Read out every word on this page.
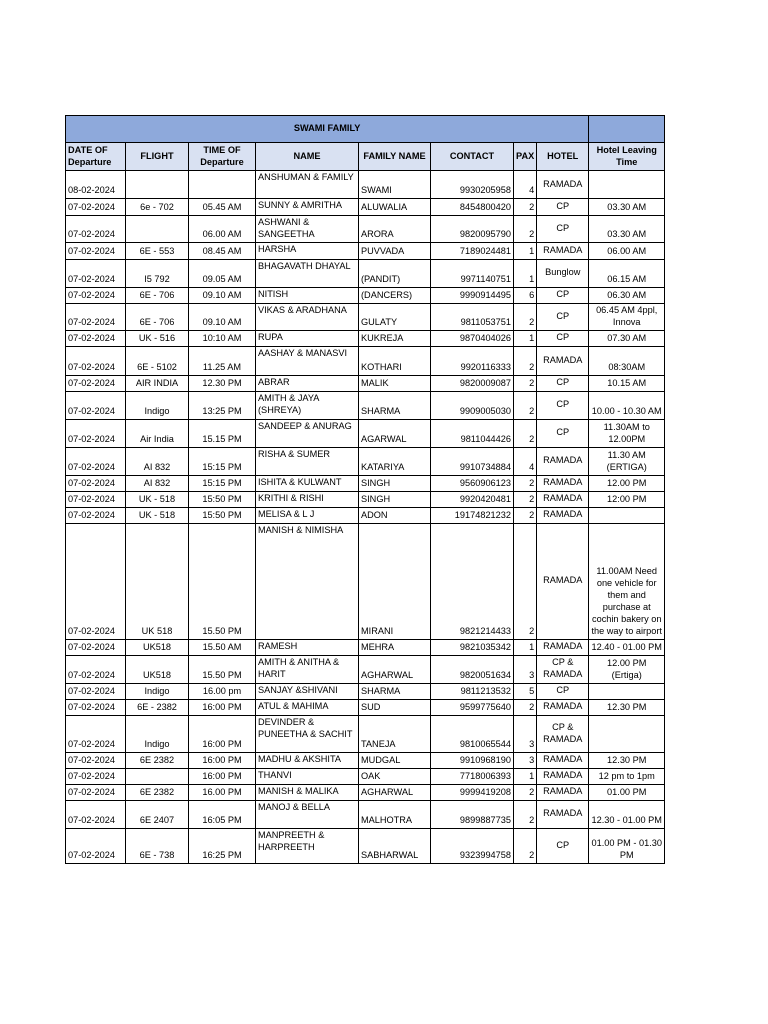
SWAMI FAMILY								
DATE OF Departure	FLIGHT	TIME OF Departure	NAME	FAMILY NAME	CONTACT	PAX	HOTEL	Hotel Leaving Time
08-02-2024			ANSHUMAN & FAMILY	SWAMI	9930205958	4	RAMADA	
07-02-2024	6e - 702	05.45 AM	SUNNY & AMRITHA	ALUWALIA	8454800420	2	CP	03.30 AM
07-02-2024		06.00 AM	ASHWANI & SANGEETHA	ARORA	9820095790	2	CP	03.30 AM
07-02-2024	6E - 553	08.45 AM	HARSHA	PUVVADA	7189024481	1	RAMADA	06.00 AM
07-02-2024	I5 792	09.05 AM	BHAGAVATH DHAYAL	(PANDIT)	9971140751	1	Bunglow	06.15 AM
07-02-2024	6E - 706	09.10 AM	NITISH	(DANCERS)	9990914495	6	CP	06.30 AM
07-02-2024	6E - 706	09.10 AM	VIKAS & ARADHANA	GULATY	9811053751	2	CP	06.45 AM 4ppl, Innova
07-02-2024	UK - 516	10:10 AM	RUPA	KUKREJA	9870404026	1	CP	07.30 AM
07-02-2024	6E - 5102	11.25 AM	AASHAY & MANASVI	KOTHARI	9920116333	2	RAMADA	08:30AM
07-02-2024	AIR INDIA	12.30 PM	ABRAR	MALIK	9820009087	2	CP	10.15 AM
07-02-2024	Indigo	13:25 PM	AMITH & JAYA (SHREYA)	SHARMA	9909005030	2	CP	10.00 - 10.30 AM
07-02-2024	Air India	15.15 PM	SANDEEP & ANURAG	AGARWAL	9811044426	2	CP	11.30AM to 12.00PM
07-02-2024	AI 832	15:15 PM	RISHA & SUMER	KATARIYA	9910734884	4	RAMADA	11.30 AM (ERTIGA)
07-02-2024	AI 832	15:15 PM	ISHITA & KULWANT	SINGH	9560906123	2	RAMADA	12.00 PM
07-02-2024	UK - 518	15:50 PM	KRITHI & RISHI	SINGH	9920420481	2	RAMADA	12:00 PM
07-02-2024	UK - 518	15:50 PM	MELISA & L J	ADON	19174821232	2	RAMADA	
07-02-2024	UK 518	15.50 PM	MANISH & NIMISHA	MIRANI	9821214433	2	RAMADA	11.00AM Need one vehicle for them and purchase at cochin bakery on the way to airport
07-02-2024	UK518	15.50 AM	RAMESH	MEHRA	9821035342	1	RAMADA	12.40 - 01.00 PM
07-02-2024	UK518	15.50 PM	AMITH & ANITHA & HARIT	AGHARWAL	9820051634	3	CP & RAMADA	12.00 PM (Ertiga)
07-02-2024	Indigo	16.00 pm	SANJAY &SHIVANI	SHARMA	9811213532	5	CP	
07-02-2024	6E - 2382	16:00 PM	ATUL & MAHIMA	SUD	9599775640	2	RAMADA	12.30 PM
07-02-2024	Indigo	16:00 PM	DEVINDER & PUNEETHA & SACHIT	TANEJA	9810065544	3	CP & RAMADA	
07-02-2024	6E 2382	16:00 PM	MADHU & AKSHITA	MUDGAL	9910968190	3	RAMADA	12.30 PM
07-02-2024		16:00 PM	THANVI	OAK	7718006393	1	RAMADA	12 pm to 1pm
07-02-2024	6E 2382	16.00 PM	MANISH & MALIKA	AGHARWAL	9999419208	2	RAMADA	01.00 PM
07-02-2024	6E 2407	16:05 PM	MANOJ & BELLA	MALHOTRA	9899887735	2	RAMADA	12.30 - 01.00 PM
07-02-2024	6E - 738	16:25 PM	MANPREETH & HARPREETH	SABHARWAL	9323994758	2	CP	01.00 PM - 01.30 PM
